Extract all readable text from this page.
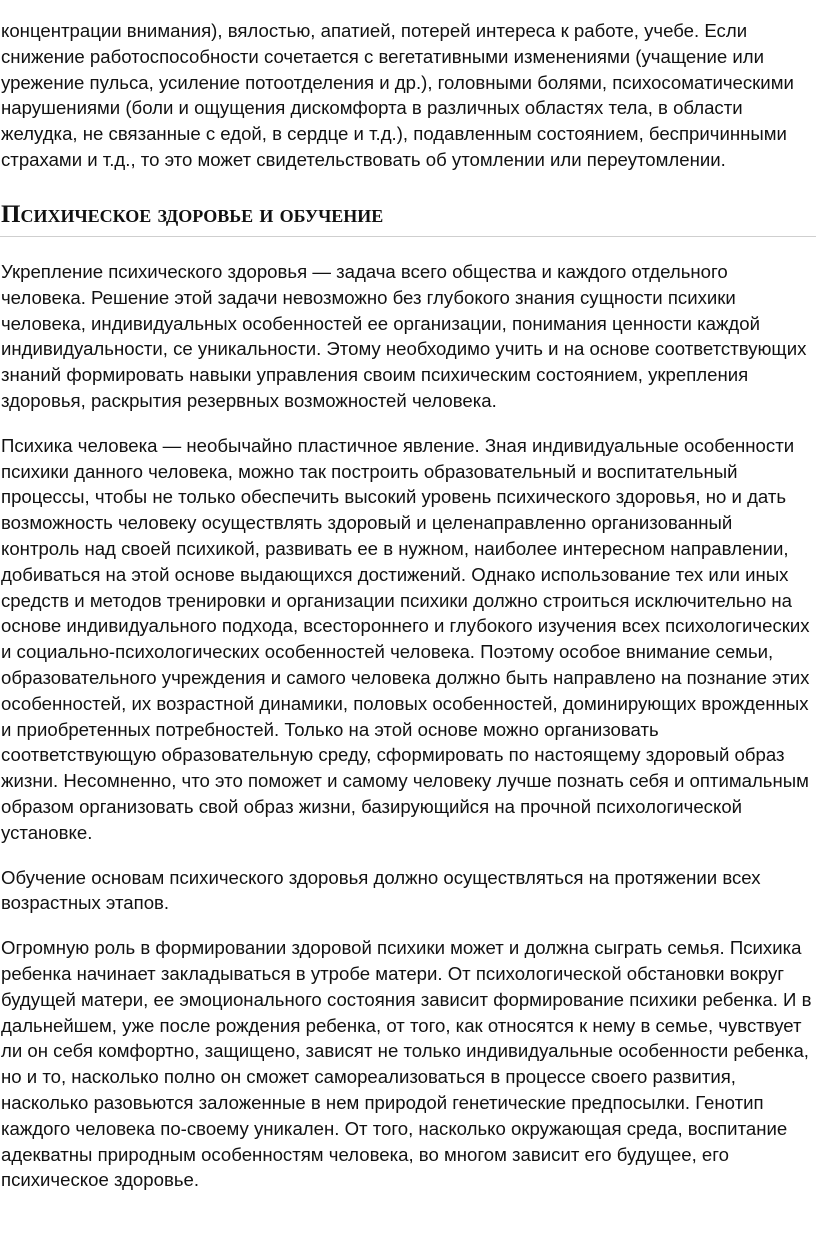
концентрации внимания), вялостью, апатией, потерей интереса к работе, учебе. Если снижение работоспособности сочетается с вегетативными изменениями (учащение или урежение пульса, усиление потоотделения и др.), головными болями, психосоматическими нарушениями (боли и ощущения дискомфорта в различных областях тела, в области желудка, не связанные с едой, в сердце и т.д.), подавленным состоянием, беспричинными страхами и т.д., то это может свидетельствовать об утомлении или переутомлении.

Психическое здоровье и обучение

Укрепление психического здоровья — задача всего общества и каждого отдельного человека. Решение этой задачи невозможно без глубокого знания сущности психики человека, индивидуальных особенностей ее организации, понимания ценности каждой индивидуальности, се уникальности. Этому необходимо учить и на основе соответствующих знаний формировать навыки управления своим психическим состоянием, укрепления здоровья, раскрытия резервных возможностей человека.

Психика человека — необычайно пластичное явление. Зная индивидуальные особенности психики данного человека, можно так построить образовательный и воспитательный процессы, чтобы не только обеспечить высокий уровень психического здоровья, но и дать возможность человеку осуществлять здоровый и целенаправленно организованный контроль над своей психикой, развивать ее в нужном, наиболее интересном направлении, добиваться на этой основе выдающихся достижений. Однако использование тех или иных средств и методов тренировки и организации психики должно строиться исключительно на основе индивидуального подхода, всестороннего и глубокого изучения всех психологических и социально-психологических особенностей человека. Поэтому особое внимание семьи, образовательного учреждения и самого человека должно быть направлено на познание этих особенностей, их возрастной динамики, половых особенностей, доминирующих врожденных и приобретенных потребностей. Только на этой основе можно организовать соответствующую образовательную среду, сформировать по настоящему здоровый образ жизни. Несомненно, что это поможет и самому человеку лучше познать себя и оптимальным образом организовать свой образ жизни, базирующийся на прочной психологической установке.

Обучение основам психического здоровья должно осуществляться на протяжении всех возрастных этапов.

Огромную роль в формировании здоровой психики может и должна сыграть семья. Психика ребенка начинает закладываться в утробе матери. От психологической обстановки вокруг будущей матери, ее эмоционального состояния зависит формирование психики ребенка. И в дальнейшем, уже после рождения ребенка, от того, как относятся к нему в семье, чувствует ли он себя комфортно, защищено, зависят не только индивидуальные особенности ребенка, но и то, насколько полно он сможет самореализоваться в процессе своего развития, насколько разовьются заложенные в нем природой генетические предпосылки. Генотип каждого человека по-своему уникален. От того, насколько окружающая среда, воспитание адекватны природным особенностям человека, во многом зависит его будущее, его психическое здоровье.
